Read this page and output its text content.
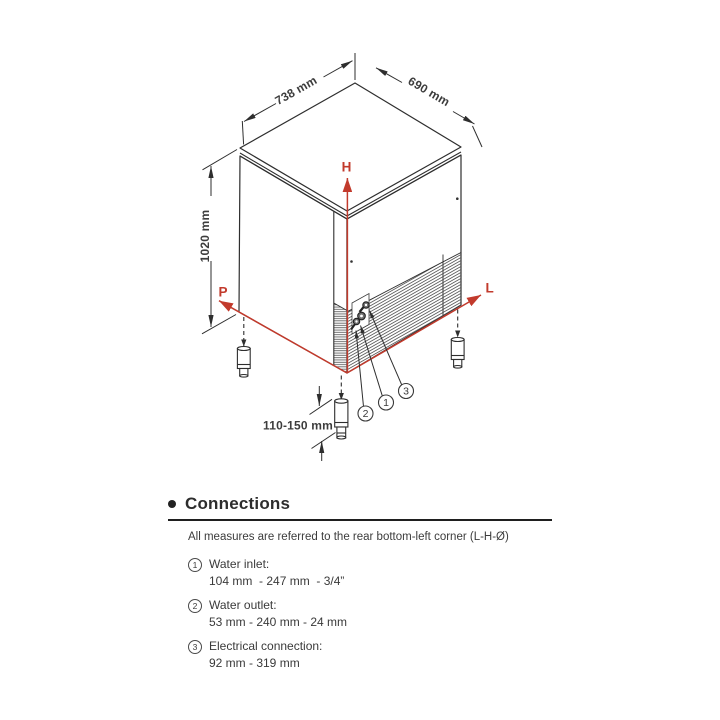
738 mm	690 mm
1020 mm
110-150 mm
H
P	L
2
1
3
Connections
All measures are referred to the rear bottom-left corner (L-H-Ø)
1 Water inlet:
104 mm  - 247 mm  - 3/4”
2 Water outlet:
53 mm - 240 mm - 24 mm
3 Electrical connection:
92 mm - 319 mm
